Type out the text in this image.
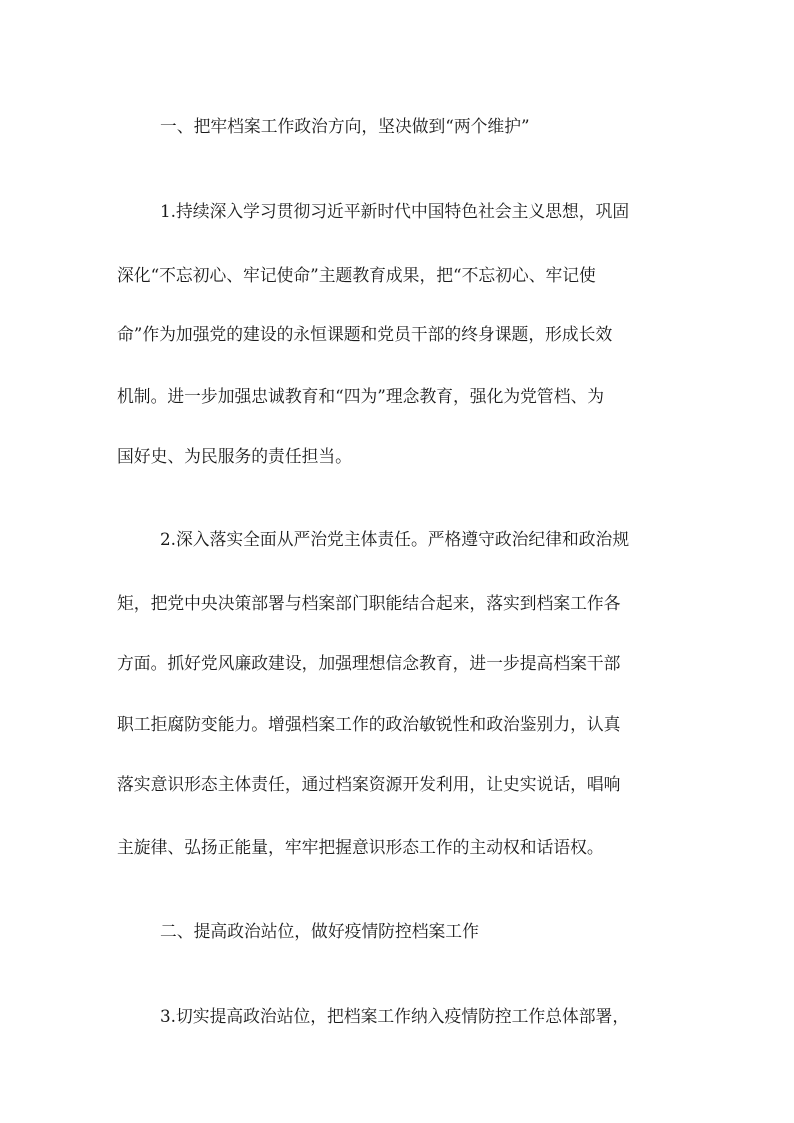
一、把牢档案工作政治方向，坚决做到“两个维护”
1.持续深入学习贯彻习近平新时代中国特色社会主义思想，巩固
深化“不忘初心、牢记使命”主题教育成果，把“不忘初心、牢记使
命”作为加强党的建设的永恒课题和党员干部的终身课题，形成长效
机制。进一步加强忠诚教育和“四为”理念教育，强化为党管档、为
国好史、为民服务的责任担当。
2.深入落实全面从严治党主体责任。严格遵守政治纪律和政治规
矩，把党中央决策部署与档案部门职能结合起来，落实到档案工作各
方面。抓好党风廉政建设，加强理想信念教育，进一步提高档案干部
职工拒腐防变能力。增强档案工作的政治敏锐性和政治鉴别力，认真
落实意识形态主体责任，通过档案资源开发利用，让史实说话，唱响
主旋律、弘扬正能量，牢牢把握意识形态工作的主动权和话语权。
二、提高政治站位，做好疫情防控档案工作
3.切实提高政治站位，把档案工作纳入疫情防控工作总体部署，
